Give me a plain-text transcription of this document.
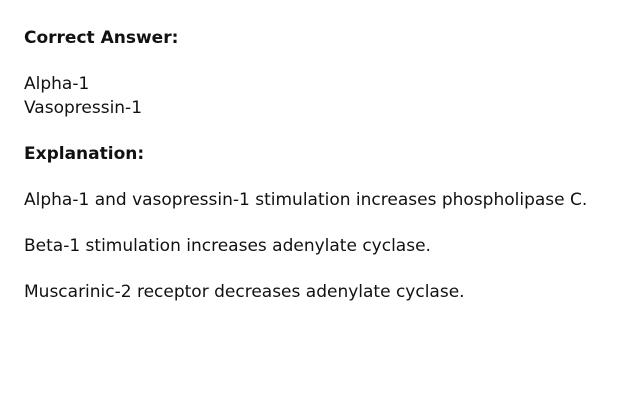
Correct Answer:
Alpha-1
Vasopressin-1
Explanation:

Alpha-1 and vasopressin-1 stimulation increases phospholipase C.

Beta-1 stimulation increases adenylate cyclase.

Muscarinic-2 receptor decreases adenylate cyclase.
